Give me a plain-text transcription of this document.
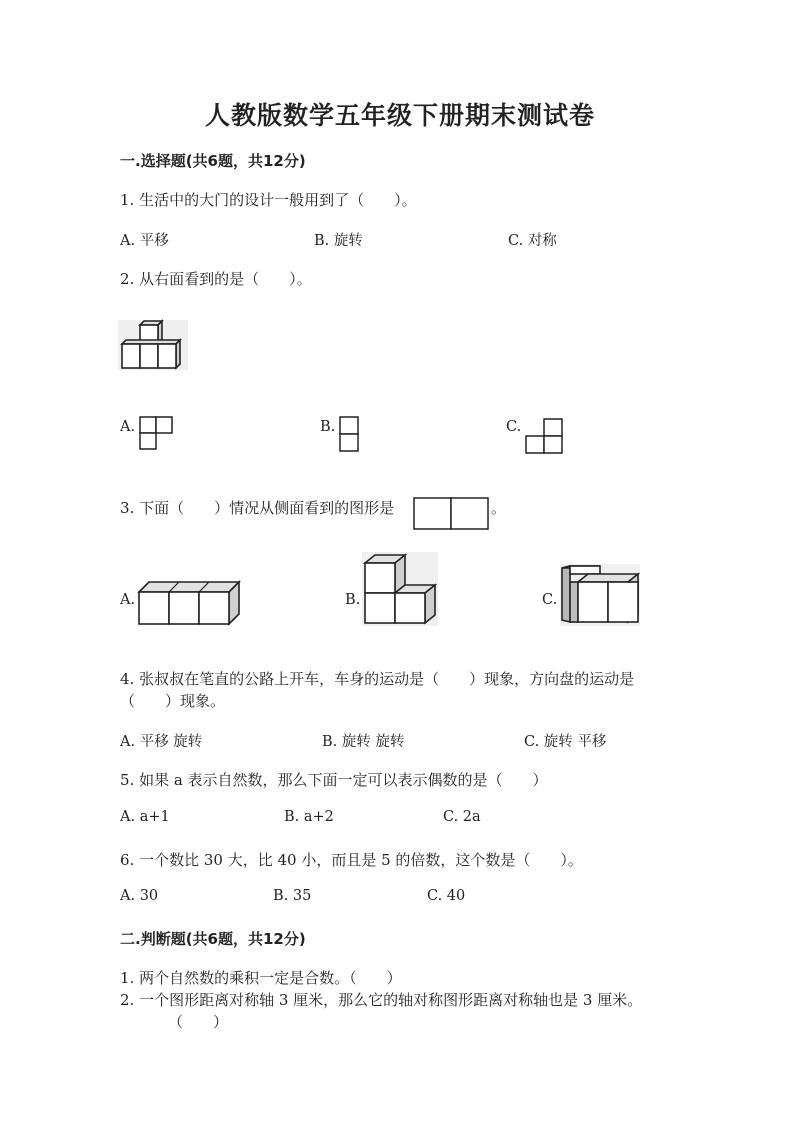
人教版数学五年级下册期末测试卷
一.选择题(共6题，共12分)
1. 生活中的大门的设计一般用到了（　　）。
A. 平移	B. 旋转	C. 对称
2. 从右面看到的是（　　）。
A.	B.	C.
3. 下面（　　）情况从侧面看到的图形是	。
A.	B.	C.
4. 张叔叔在笔直的公路上开车，车身的运动是（　　）现象，方向盘的运动是
（　　）现象。
A. 平移 旋转	B. 旋转 旋转	C. 旋转 平移
5. 如果 a 表示自然数，那么下面一定可以表示偶数的是（　　）
A. a+1	B. a+2	C. 2a
6. 一个数比 30 大，比 40 小，而且是 5 的倍数，这个数是（　　）。
A. 30	B. 35	C. 40
二.判断题(共6题，共12分)
1. 两个自然数的乘积一定是合数。（　　）
2. 一个图形距离对称轴 3 厘米，那么它的轴对称图形距离对称轴也是 3 厘米。
（　　）
